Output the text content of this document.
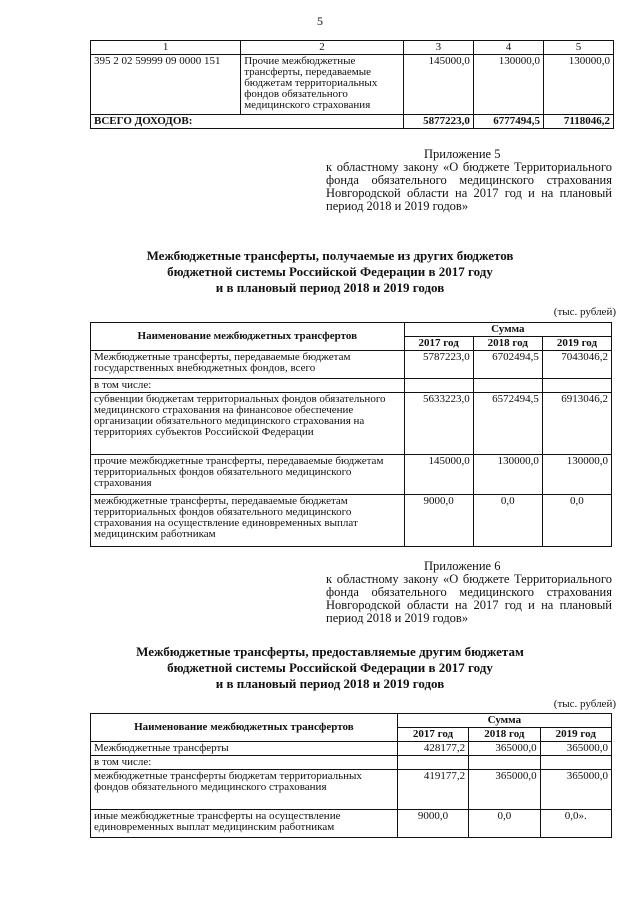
5
1	2	3	4	5
395 2 02 59999 09 0000 151	Прочие межбюджетные трансферты, передаваемые бюджетам территориальных фондов обязательного медицинского страхования	145000,0	130000,0	130000,0
ВСЕГО ДОХОДОВ:		5877223,0	6777494,5	7118046,2
Приложение 5
к областному закону «О бюджете Территориального фонда обязательного медицинского страхования Новгородской области на 2017 год и на плановый период 2018 и 2019 годов»
Межбюджетные трансферты, получаемые из других бюджетов
бюджетной системы Российской Федерации в 2017 году
и в плановый период 2018 и 2019 годов
(тыс. рублей)
Наименование межбюджетных трансфертов	Сумма		
	2017 год	2018 год	2019 год
Межбюджетные трансферты, передаваемые бюджетам государственных внебюджетных фондов, всего	5787223,0	6702494,5	7043046,2
в том числе:			
субвенции бюджетам территориальных фондов обязательного медицинского страхования на финансовое обеспечение организации обязательного медицинского страхования на территориях субъектов Российской Федерации	5633223,0	6572494,5	6913046,2
прочие межбюджетные трансферты, передаваемые бюджетам территориальных фондов обязательного медицинского страхования	145000,0	130000,0	130000,0
межбюджетные трансферты, передаваемые бюджетам территориальных фондов обязательного медицинского страхования на осуществление единовременных выплат медицинским работникам	9000,0	0,0	0,0
Приложение 6
к областному закону «О бюджете Территориального фонда обязательного медицинского страхования Новгородской области на 2017 год и на плановый период 2018 и 2019 годов»
Межбюджетные трансферты, предоставляемые другим бюджетам
бюджетной системы Российской Федерации в 2017 году
и в плановый период 2018 и 2019 годов
(тыс. рублей)
Наименование межбюджетных трансфертов	Сумма		
	2017 год	2018 год	2019 год
Межбюджетные трансферты	428177,2	365000,0	365000,0
в том числе:			
межбюджетные трансферты бюджетам территориальных фондов обязательного медицинского страхования	419177,2	365000,0	365000,0
иные межбюджетные трансферты на осуществление единовременных выплат медицинским работникам	9000,0	0,0	0,0».
